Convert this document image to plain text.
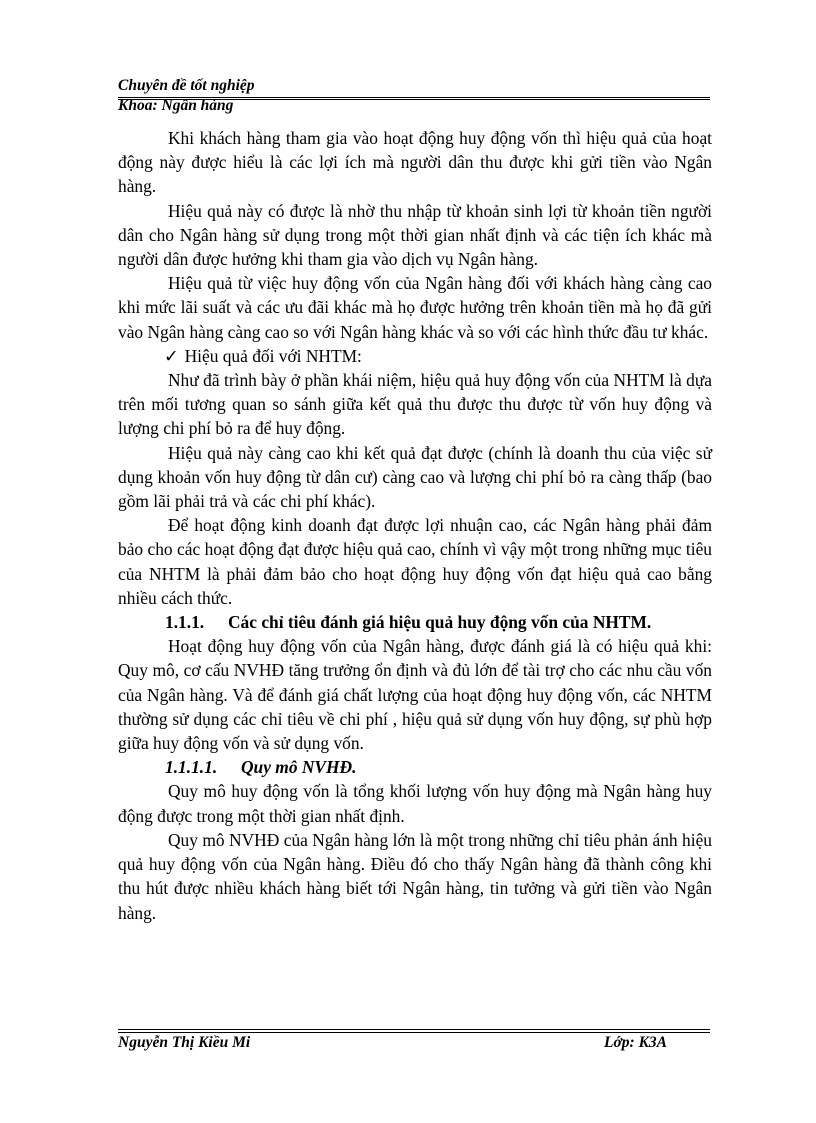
Chuyên đề tốt nghiệp
Khoa: Ngân hàng

Khi khách hàng tham gia vào hoạt động huy động vốn thì hiệu quả của hoạt động này được hiểu là các lợi ích mà người dân thu được khi gửi tiền vào Ngân hàng.

Hiệu quả này có được là nhờ thu nhập từ khoản sinh lợi từ khoản tiền người dân cho Ngân hàng sử dụng trong một thời gian nhất định và các tiện ích khác mà người dân được hưởng khi tham gia vào dịch vụ Ngân hàng.

Hiệu quả từ việc huy động vốn của Ngân hàng đối với khách hàng càng cao khi mức lãi suất và các ưu đãi khác mà họ được hưởng trên khoản tiền mà họ đã gửi vào Ngân hàng càng cao so với Ngân hàng khác và so với các hình thức đầu tư khác.

✓ Hiệu quả đối với NHTM:

Như đã trình bày ở phần khái niệm, hiệu quả huy động vốn của NHTM là dựa trên mối tương quan so sánh giữa kết quả thu được thu được từ vốn huy động và lượng chi phí bỏ ra để huy động.

Hiệu quả này càng cao khi kết quả đạt được (chính là doanh thu của việc sử dụng khoản vốn huy động từ dân cư) càng cao và lượng chi phí bỏ ra càng thấp (bao gồm lãi phải trả và các chi phí khác).

Để hoạt động kinh doanh đạt được lợi nhuận cao, các Ngân hàng phải đảm bảo cho các hoạt động đạt được hiệu quả cao, chính vì vậy một trong những mục tiêu của NHTM là phải đảm bảo cho hoạt động huy động vốn đạt hiệu quả cao bằng nhiều cách thức.

1.1.1. Các chỉ tiêu đánh giá hiệu quả huy động vốn của NHTM.

Hoạt động huy động vốn của Ngân hàng, được đánh giá là có hiệu quả khi: Quy mô, cơ cấu NVHĐ tăng trưởng ổn định và đủ lớn để tài trợ cho các nhu cầu vốn của Ngân hàng. Và để đánh giá chất lượng của hoạt động huy động vốn, các NHTM thường sử dụng các chỉ tiêu về chi phí , hiệu quả sử dụng vốn huy động, sự phù hợp giữa huy động vốn và sử dụng vốn.

1.1.1.1. Quy mô NVHĐ.

Quy mô huy động vốn là tổng khối lượng vốn huy động mà Ngân hàng huy động được trong một thời gian nhất định.

Quy mô NVHĐ của Ngân hàng lớn là một trong những chỉ tiêu phản ánh hiệu quả huy động vốn của Ngân hàng. Điều đó cho thấy Ngân hàng đã thành công khi thu hút được nhiều khách hàng biết tới Ngân hàng, tin tưởng và gửi tiền vào Ngân hàng.

Nguyễn Thị Kiều Mi	Lớp: K3A
